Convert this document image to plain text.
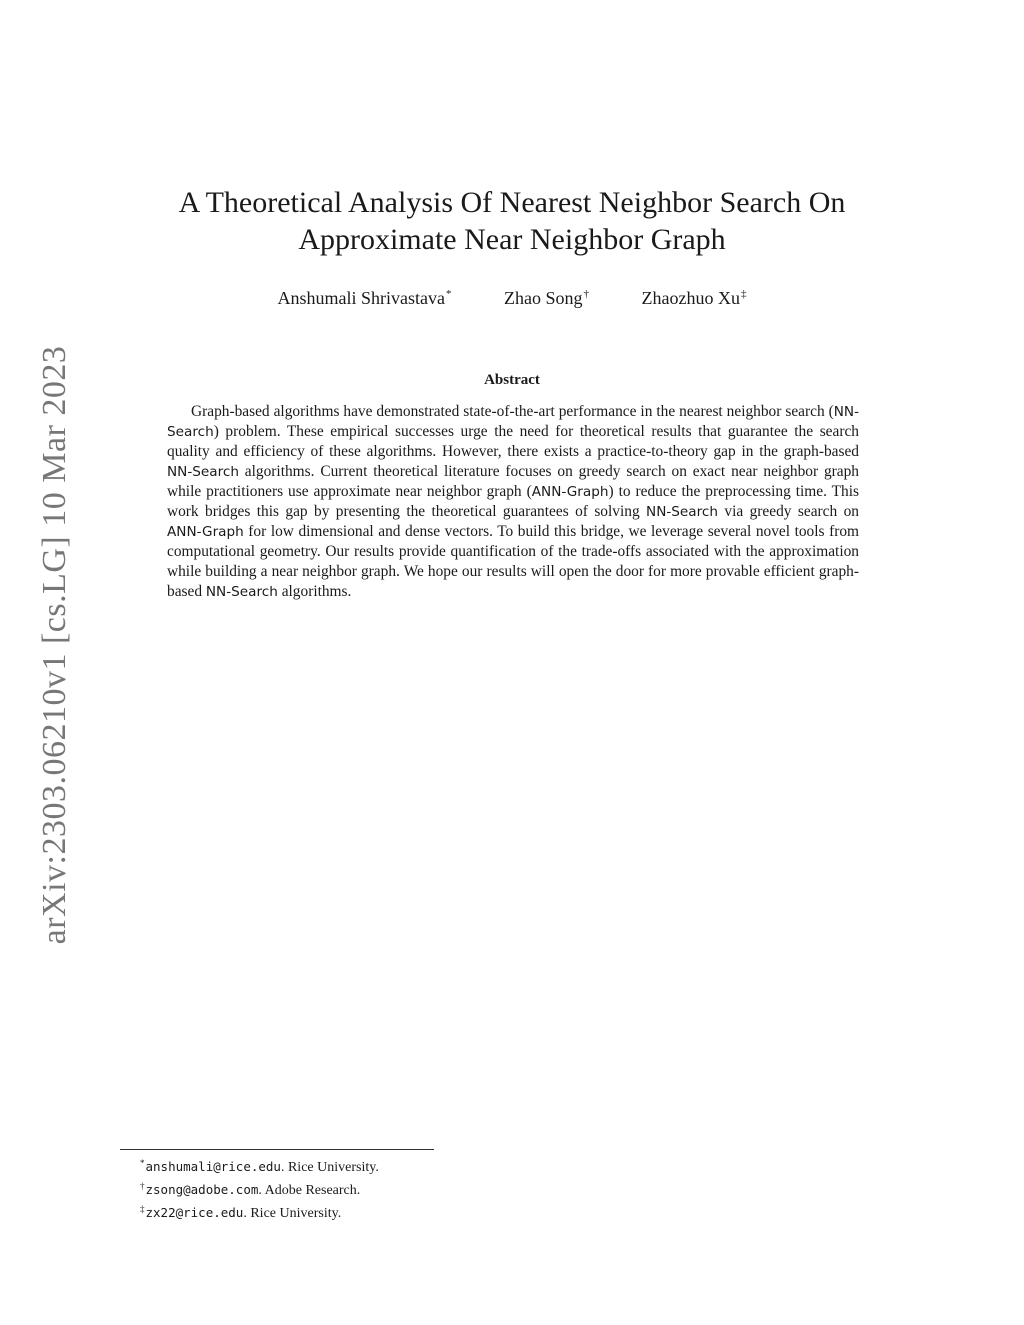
arXiv:2303.06210v1 [cs.LG] 10 Mar 2023
A Theoretical Analysis Of Nearest Neighbor Search On
Approximate Near Neighbor Graph
Anshumali Shrivastava*	Zhao Song†	Zhaozhuo Xu‡
Abstract

Graph-based algorithms have demonstrated state-of-the-art performance in the nearest neighbor search (NN-Search) problem. These empirical successes urge the need for theoretical results that guarantee the search quality and efficiency of these algorithms. However, there exists a practice-to-theory gap in the graph-based NN-Search algorithms. Current theoretical literature focuses on greedy search on exact near neighbor graph while practitioners use approximate near neighbor graph (ANN-Graph) to reduce the preprocessing time. This work bridges this gap by presenting the theoretical guarantees of solving NN-Search via greedy search on ANN-Graph for low dimensional and dense vectors. To build this bridge, we leverage several novel tools from computational geometry. Our results provide quantification of the trade-offs associated with the approximation while building a near neighbor graph. We hope our results will open the door for more provable efficient graph-based NN-Search algorithms.

*anshumali@rice.edu. Rice University.
†zsong@adobe.com. Adobe Research.
‡zx22@rice.edu. Rice University.
